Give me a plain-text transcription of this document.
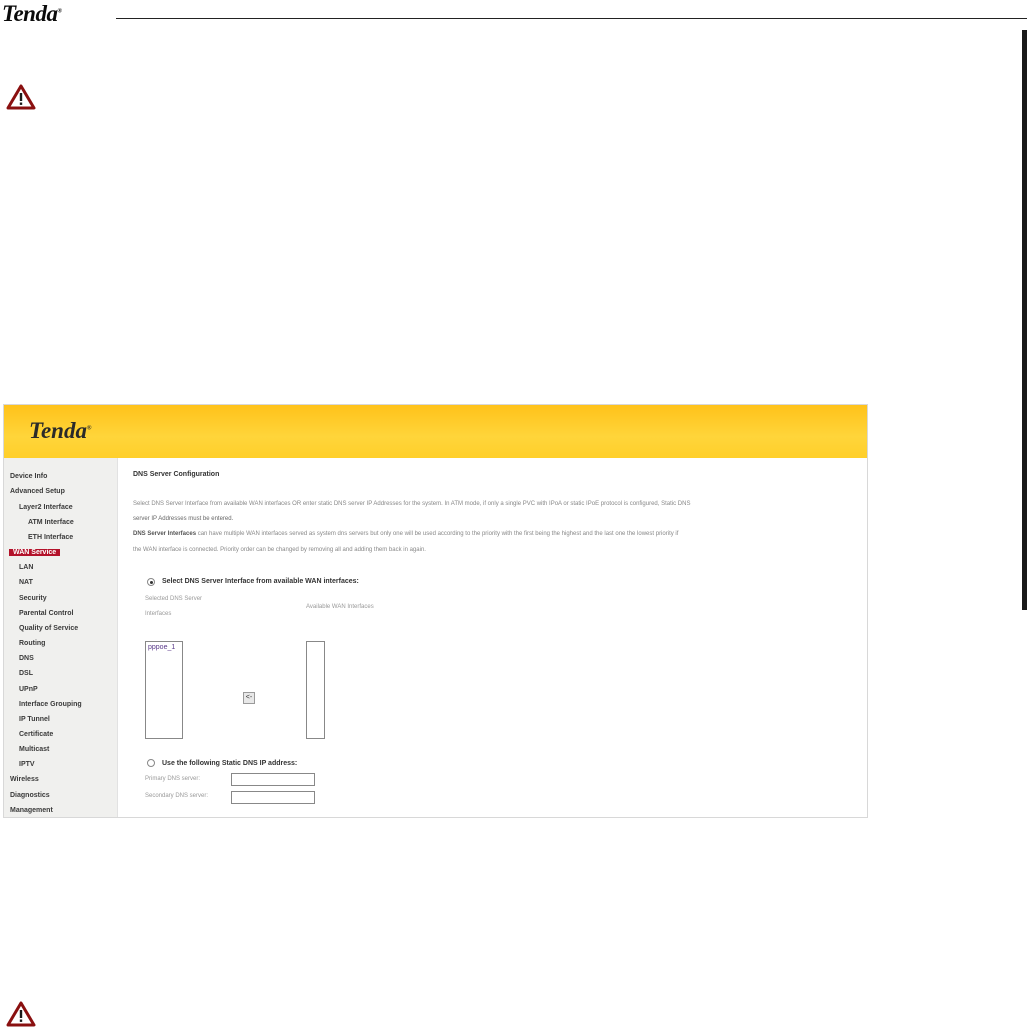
Tenda®
Tenda®
Device Info
Advanced Setup
Layer2 Interface
ATM Interface
ETH Interface
WAN Service
LAN
NAT
Security
Parental Control
Quality of Service
Routing
DNS
DSL
UPnP
Interface Grouping
IP Tunnel
Certificate
Multicast
IPTV
Wireless
Diagnostics
Management
DNS Server Configuration
Select DNS Server Interface from available WAN interfaces OR enter static DNS server IP Addresses for the system. In ATM mode, if only a single PVC with IPoA or static IPoE protocol is configured, Static DNS
server IP Addresses must be entered.
DNS Server Interfaces can have multiple WAN interfaces served as system dns servers but only one will be used according to the priority with the first being the highest and the last one the lowest priority if
the WAN interface is connected. Priority order can be changed by removing all and adding them back in again.
Select DNS Server Interface from available WAN interfaces:
Selected DNS Server
Interfaces
Available WAN Interfaces
pppoe_1
<-
Use the following Static DNS IP address:
Primary DNS server:
Secondary DNS server:
